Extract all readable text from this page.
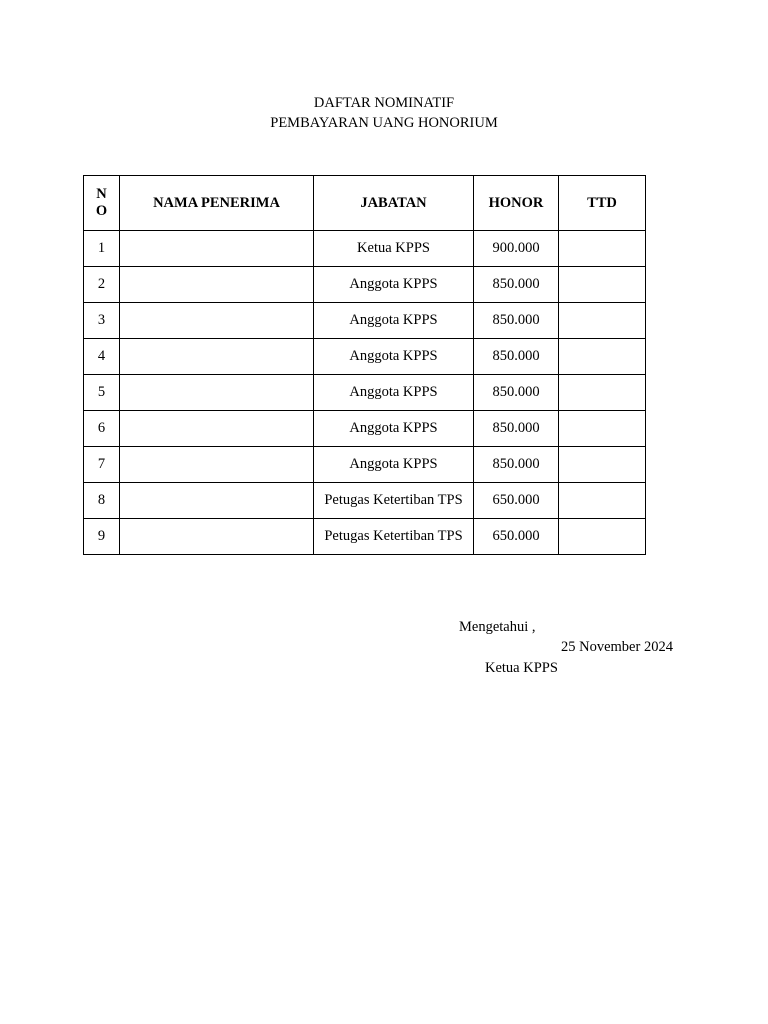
DAFTAR NOMINATIF
PEMBAYARAN UANG HONORIUM
N
O	NAMA PENERIMA	JABATAN	HONOR	TTD
1		Ketua KPPS	900.000	
2		Anggota KPPS	850.000	
3		Anggota KPPS	850.000	
4		Anggota KPPS	850.000	
5		Anggota KPPS	850.000	
6		Anggota KPPS	850.000	
7		Anggota KPPS	850.000	
8		Petugas Ketertiban TPS	650.000	
9		Petugas Ketertiban TPS	650.000	
Mengetahui ,
25 November 2024
Ketua KPPS
